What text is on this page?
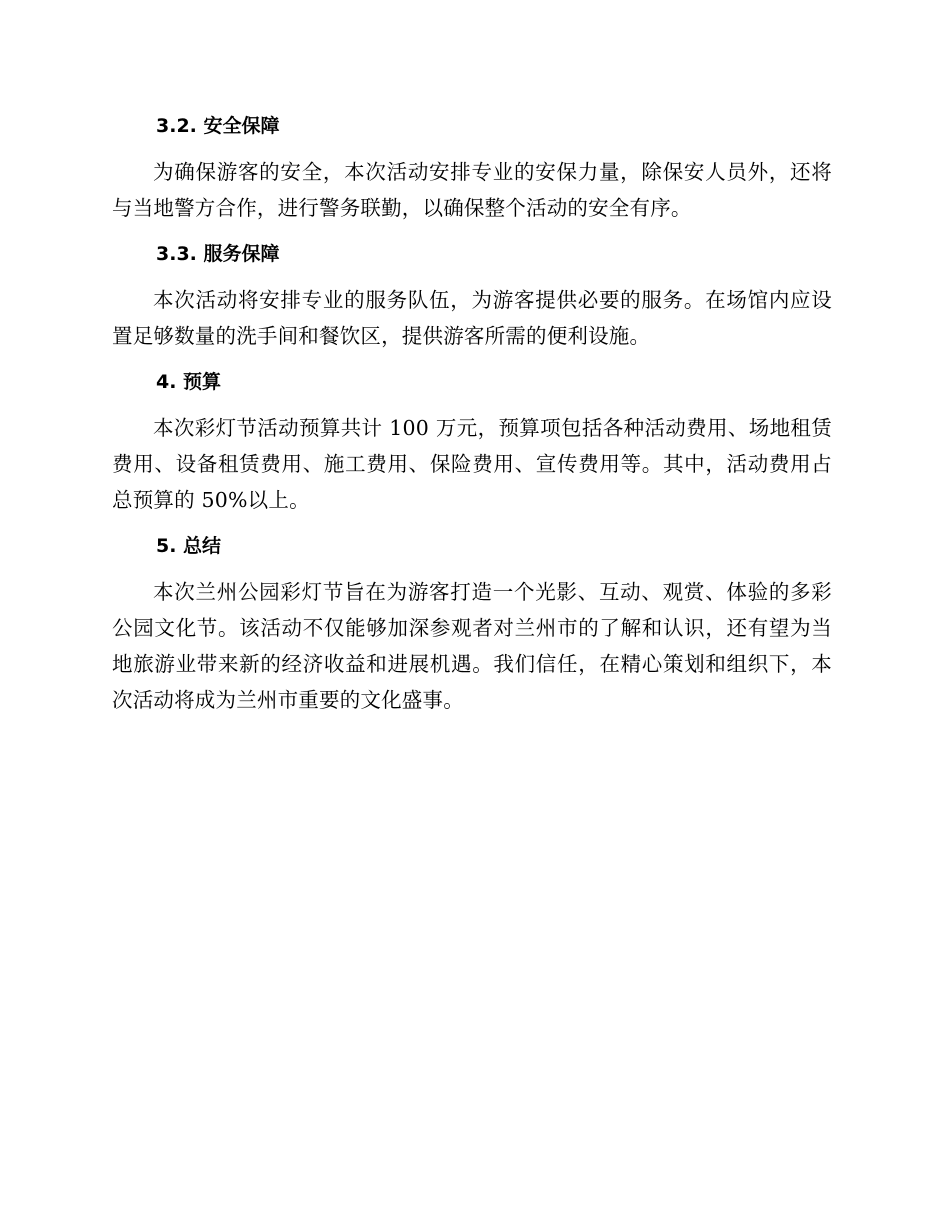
3.2. 安全保障

为确保游客的安全，本次活动安排专业的安保力量，除保安人员外，还将与当地警方合作，进行警务联勤，以确保整个活动的安全有序。

3.3. 服务保障

本次活动将安排专业的服务队伍，为游客提供必要的服务。在场馆内应设置足够数量的洗手间和餐饮区，提供游客所需的便利设施。

4. 预算

本次彩灯节活动预算共计 100 万元，预算项包括各种活动费用、场地租赁费用、设备租赁费用、施工费用、保险费用、宣传费用等。其中，活动费用占总预算的 50%以上。

5. 总结

本次兰州公园彩灯节旨在为游客打造一个光影、互动、观赏、体验的多彩公园文化节。该活动不仅能够加深参观者对兰州市的了解和认识，还有望为当地旅游业带来新的经济收益和进展机遇。我们信任，在精心策划和组织下，本次活动将成为兰州市重要的文化盛事。
